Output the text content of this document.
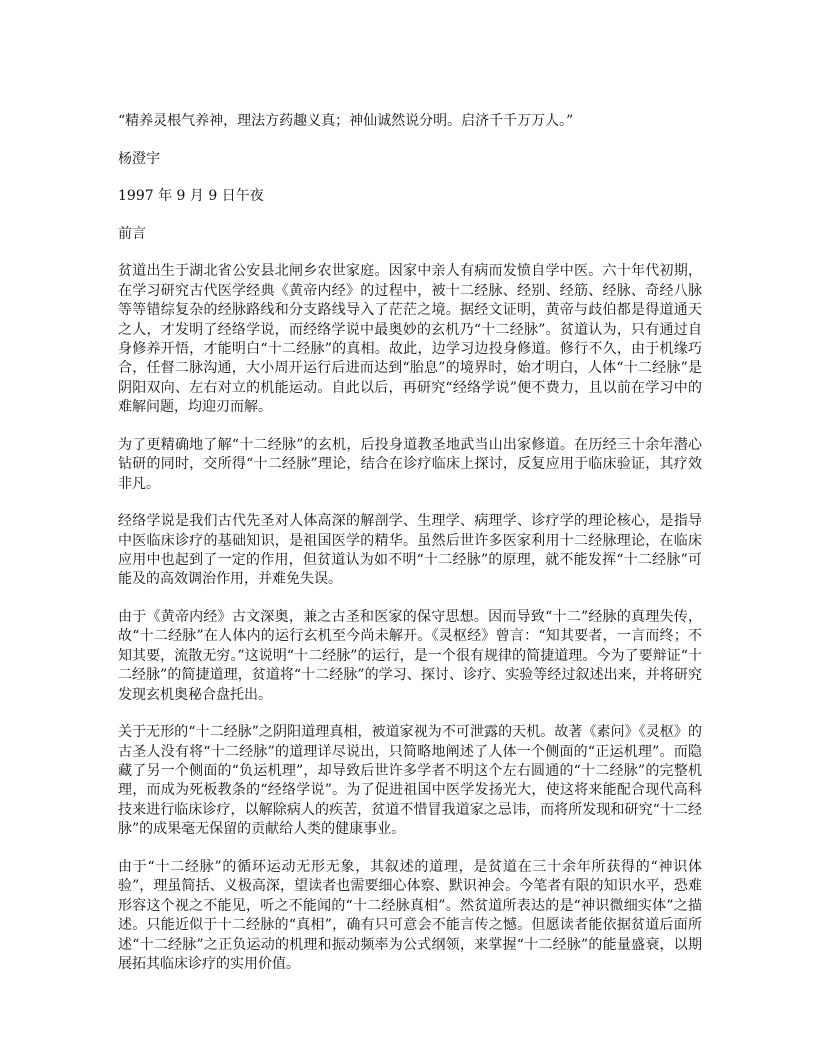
“精养灵根气养神，理法方药趣义真；神仙诚然说分明。启济千千万万人。”

杨澄宇

1997 年 9 月 9 日午夜

前言

贫道出生于湖北省公安县北闸乡农世家庭。因家中亲人有病而发愤自学中医。六十年代初期，在学习研究古代医学经典《黄帝内经》的过程中，被十二经脉、经别、经筋、经脉、奇经八脉等等错综复杂的经脉路线和分支路线导入了茫茫之境。据经文证明，黄帝与歧伯都是得道通天之人，才发明了经络学说，而经络学说中最奥妙的玄机乃“十二经脉”。贫道认为，只有通过自身修养开悟，才能明白“十二经脉”的真相。故此，边学习边投身修道。修行不久，由于机缘巧合，任督二脉沟通，大小周开运行后进而达到“胎息”的境界时，始才明白，人体“十二经脉”是阴阳双向、左右对立的机能运动。自此以后，再研究“经络学说”便不费力，且以前在学习中的难解问题，均迎刃而解。

为了更精确地了解“十二经脉”的玄机，后投身道教圣地武当山出家修道。在历经三十余年潜心钻研的同时，交所得“十二经脉”理论，结合在诊疗临床上探讨，反复应用于临床验证，其疗效非凡。

经络学说是我们古代先圣对人体高深的解剖学、生理学、病理学、诊疗学的理论核心，是指导中医临床诊疗的基础知识，是祖国医学的精华。虽然后世许多医家利用十二经脉理论，在临床应用中也起到了一定的作用，但贫道认为如不明“十二经脉”的原理，就不能发挥“十二经脉”可能及的高效调治作用，并难免失误。

由于《黄帝内经》古文深奥，兼之古圣和医家的保守思想。因而导致“十二”经脉的真理失传，故“十二经脉”在人体内的运行玄机至今尚未解开。《灵枢经》曾言：“知其要者，一言而终；不知其要，流散无穷。”这说明“十二经脉”的运行，是一个很有规律的简捷道理。今为了要辩证“十二经脉”的简捷道理，贫道将“十二经脉”的学习、探讨、诊疗、实验等经过叙述出来，并将研究发现玄机奥秘合盘托出。

关于无形的“十二经脉”之阴阳道理真相，被道家视为不可泄露的天机。故著《素问》《灵枢》的古圣人没有将“十二经脉”的道理详尽说出，只简略地阐述了人体一个侧面的“正运机理”。而隐藏了另一个侧面的“负运机理”，却导致后世许多学者不明这个左右圆通的“十二经脉”的完整机理，而成为死板教条的“经络学说”。为了促进祖国中医学发扬光大，使这将来能配合现代高科技来进行临床诊疗，以解除病人的疾苦，贫道不惜冒我道家之忌讳，而将所发现和研究“十二经脉”的成果毫无保留的贡献给人类的健康事业。

由于“十二经脉”的循环运动无形无象，其叙述的道理，是贫道在三十余年所获得的“神识体验”，理虽简括、义极高深，望读者也需要细心体察、默识神会。今笔者有限的知识水平，恐难形容这个视之不能见，听之不能闻的“十二经脉真相”。然贫道所表达的是“神识微细实体”之描述。只能近似于十二经脉的“真相”，确有只可意会不能言传之憾。但愿读者能依据贫道后面所述“十二经脉”之正负运动的机理和振动频率为公式纲领，来掌握“十二经脉”的能量盛衰，以期展拓其临床诊疗的实用价值。
